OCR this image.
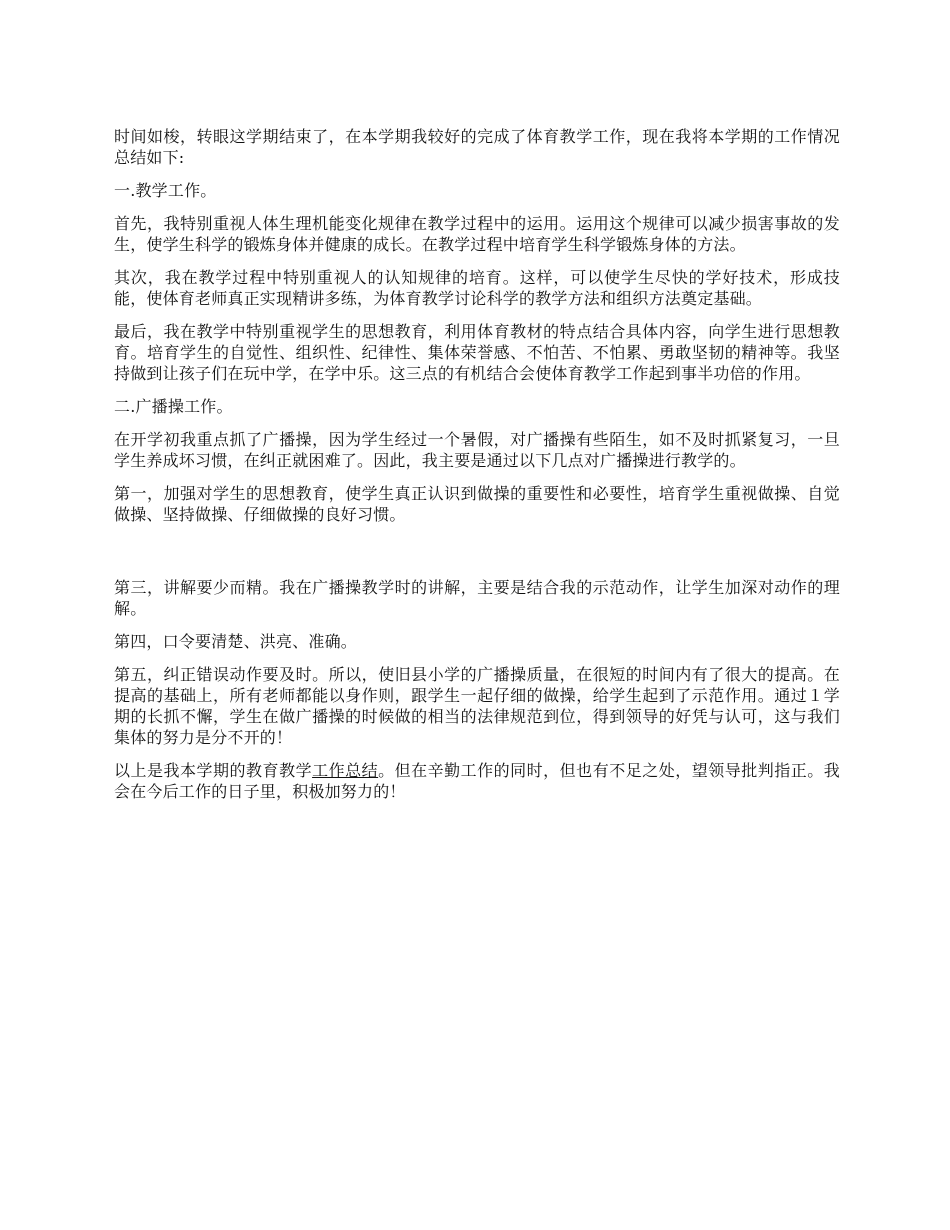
时间如梭，转眼这学期结束了，在本学期我较好的完成了体育教学工作，现在我将本学期的工作情况总结如下:

一.教学工作。

首先，我特别重视人体生理机能变化规律在教学过程中的运用。运用这个规律可以减少损害事故的发生，使学生科学的锻炼身体并健康的成长。在教学过程中培育学生科学锻炼身体的方法。

其次，我在教学过程中特别重视人的认知规律的培育。这样，可以使学生尽快的学好技术，形成技能，使体育老师真正实现精讲多练，为体育教学讨论科学的教学方法和组织方法奠定基础。

最后，我在教学中特别重视学生的思想教育，利用体育教材的特点结合具体内容，向学生进行思想教育。培育学生的自觉性、组织性、纪律性、集体荣誉感、不怕苦、不怕累、勇敢坚韧的精神等。我坚持做到让孩子们在玩中学，在学中乐。这三点的有机结合会使体育教学工作起到事半功倍的作用。

二.广播操工作。

在开学初我重点抓了广播操，因为学生经过一个暑假，对广播操有些陌生，如不及时抓紧复习，一旦学生养成坏习惯，在纠正就困难了。因此，我主要是通过以下几点对广播操进行教学的。

第一，加强对学生的思想教育，使学生真正认识到做操的重要性和必要性，培育学生重视做操、自觉做操、坚持做操、仔细做操的良好习惯。

第三，讲解要少而精。我在广播操教学时的讲解，主要是结合我的示范动作，让学生加深对动作的理解。

第四，口令要清楚、洪亮、准确。

第五，纠正错误动作要及时。所以，使旧县小学的广播操质量，在很短的时间内有了很大的提高。在提高的基础上，所有老师都能以身作则，跟学生一起仔细的做操，给学生起到了示范作用。通过１学期的长抓不懈，学生在做广播操的时候做的相当的法律规范到位，得到领导的好凭与认可，这与我们集体的努力是分不开的！

以上是我本学期的教育教学工作总结。但在辛勤工作的同时，但也有不足之处，望领导批判指正。我会在今后工作的日子里，积极加努力的！
